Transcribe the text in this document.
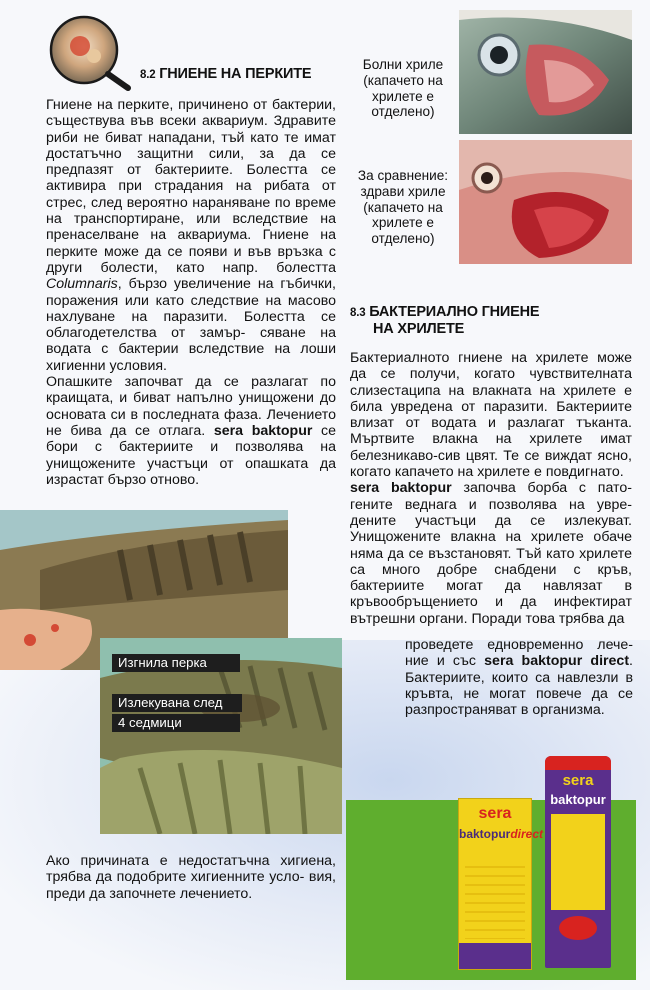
8.2 ГНИЕНЕ НА ПЕРКИТЕ

Гниене на перките, причинено от бактерии, съществува във всеки аквариум. Здравите риби не биват нападани, тъй като те имат достатъчно защитни сили, за да се предпазят от бактериите. Болестта се активира при страдания на рибата от стрес, след вероятно нараняване по време на транспортиране, или вследствие на пренаселване на аквариума. Гниене на перките може да се появи и във връзка с други болести, като напр. болестта Columnaris, бързо увеличение на гъбички, поражения или като следствие на масово нахлуване на паразити. Болестта се облагодетелства от замър- сяване на водата с бактерии вследствие на лоши хигиенни условия.

Опашките започват да се разлагат по краищата, и биват напълно унищожени до основата си в последната фаза. Лечението не бива да се отлага. sera baktopur се бори с бактериите и позволява на унищожените участъци от опашката да израстат бързо отново.

Болни хриле
(капачето на
хрилете е
отделено)
За сравнение:
здрави хриле
(капачето на
хрилете е
отделено)
8.3 БАКТЕРИАЛНО ГНИЕНЕ
НА ХРИЛЕТЕ

Бактериалното гниене на хрилете може да се получи, когато чувствителната слизестаципа на влакната на хрилете е била увредена от паразити. Бактериите влизат от водата и разлагат тъканта. Мъртвите влакна на хрилете имат белезникаво-сив цвят. Те се виждат ясно, когато капачето на хрилете е повдигнато.

sera baktopur започва борба с пато- гените веднага и позволява на увре- дените участъци да се излекуват. Унищожените влакна на хрилете обаче няма да се възстановят. Тъй като хрилете са много добре снабдени с кръв, бактериите могат да навлязат в кръвообръщението и да инфектират вътрешни органи. Поради това трябва да

проведете едновременно лече- ние и със sera baktopur direct. Бактериите, които са навлезли в кръвта, не могат повече да се разпространяват в организма.

Изгнила перка
Излекувана след
4 седмици

Ако причината е недостатъчна хигиена, трябва да подобрите хигиенните усло- вия, преди да започнете лечението.

sera
baktopurdirect
sera
baktopur
